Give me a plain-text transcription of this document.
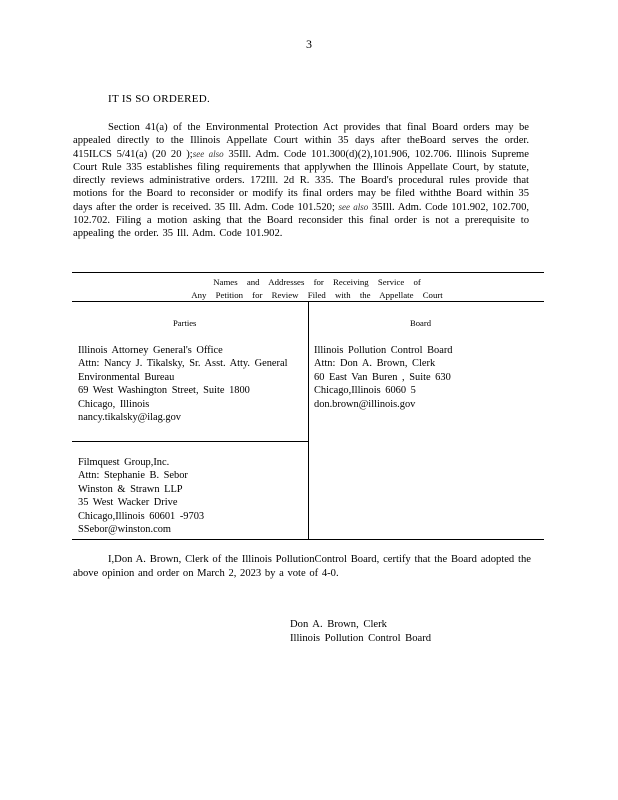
3
IT IS SO ORDERED.
Section 41(a) of the Environmental Protection Act provides that final Board orders may be appealed directly to the Illinois Appellate Court within 35 days after theBoard serves the order. 415ILCS 5/41(a) (20 20 );see also 35Ill. Adm. Code 101.300(d)(2),101.906, 102.706. Illinois Supreme Court Rule 335 establishes filing requirements that applywhen the Illinois Appellate Court, by statute, directly reviews administrative orders. 172Ill. 2d R. 335. The Board's procedural rules provide that motions for the Board to reconsider or modify its final orders may be filed withthe Board within 35 days after the order is received. 35 Ill. Adm. Code 101.520; see also 35Ill. Adm. Code 101.902, 102.700, 102.702. Filing a motion asking that the Board reconsider this final order is not a prerequisite to appealing the order. 35 Ill. Adm. Code 101.902.
Names and Addresses for Receiving Service of
Any Petition for Review Filed with the Appellate Court
Parties	Board
Illinois Attorney General's Office
Attn: Nancy J. Tikalsky, Sr. Asst. Atty. General
Environmental Bureau
69 West Washington Street, Suite 1800
Chicago, Illinois
nancy.tikalsky@ilag.gov
Filmquest Group,Inc.
Attn: Stephanie B. Sebor
Winston & Strawn LLP
35 West Wacker Drive
Chicago,Illinois 60601 -9703
SSebor@winston.com
Illinois Pollution Control Board
Attn: Don A. Brown, Clerk
60 East Van Buren , Suite 630
Chicago,Illinois 6060 5
don.brown@illinois.gov
I,Don A. Brown, Clerk of the Illinois PollutionControl Board, certify that the Board adopted the above opinion and order on March 2, 2023 by a vote of 4-0.
Don A. Brown, Clerk
Illinois Pollution Control Board
